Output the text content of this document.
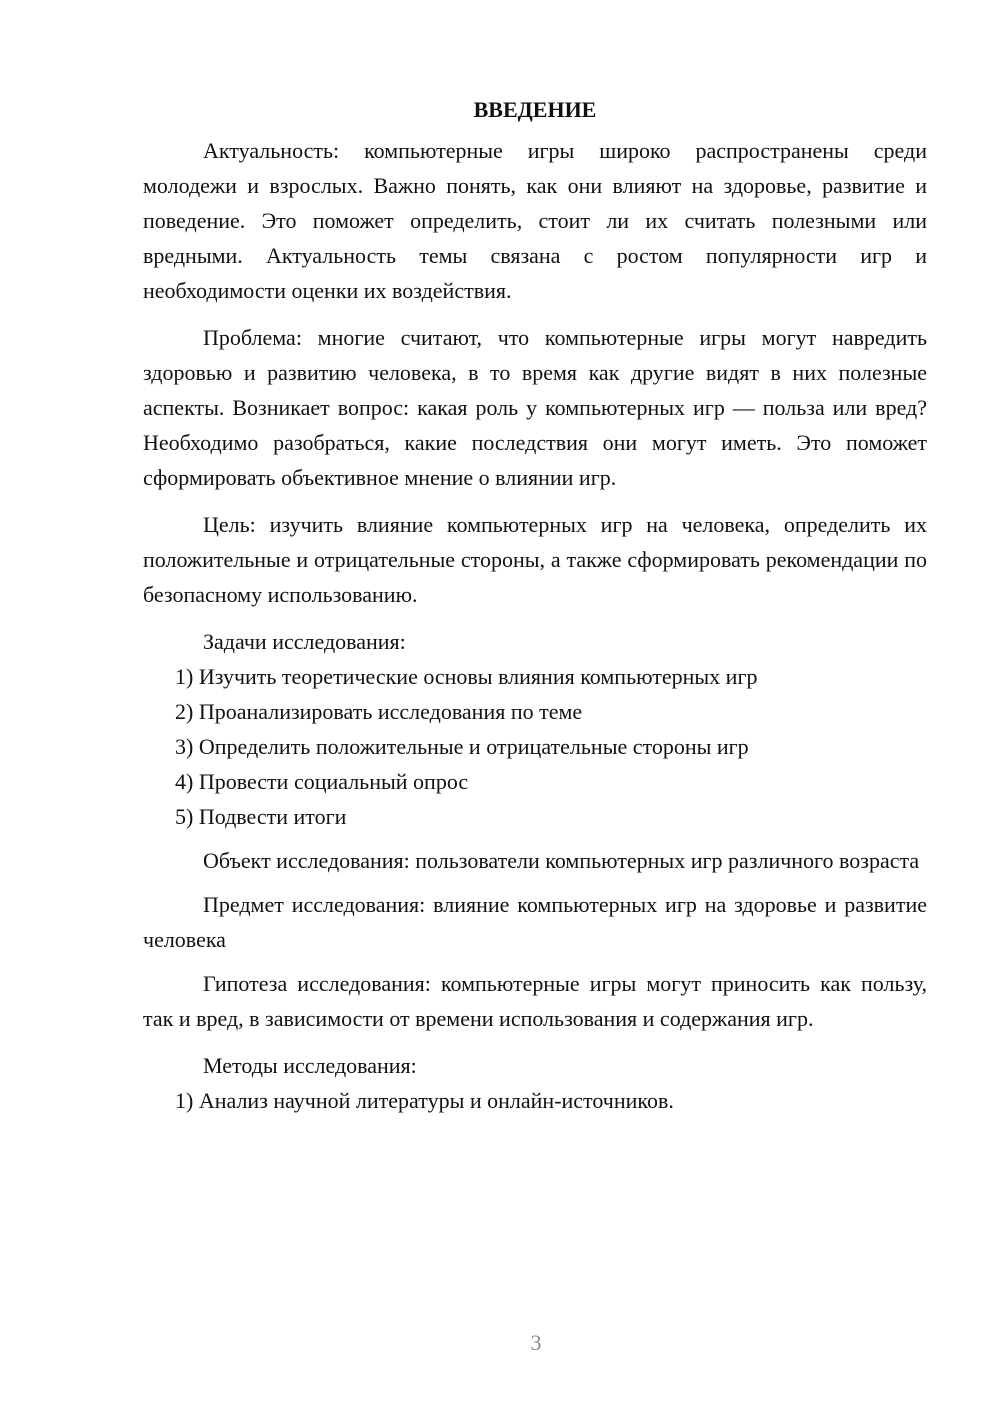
ВВЕДЕНИЕ

Актуальность: компьютерные игры широко распространены среди молодежи и взрослых. Важно понять, как они влияют на здоровье, развитие и поведение. Это поможет определить, стоит ли их считать полезными или вредными. Актуальность темы связана с ростом популярности игр и необходимости оценки их воздействия.

Проблема: многие считают, что компьютерные игры могут навредить здоровью и развитию человека, в то время как другие видят в них полезные аспекты. Возникает вопрос: какая роль у компьютерных игр — польза или вред? Необходимо разобраться, какие последствия они могут иметь. Это поможет сформировать объективное мнение о влиянии игр.

Цель: изучить влияние компьютерных игр на человека, определить их положительные и отрицательные стороны, а также сформировать рекомендации по безопасному использованию.

Задачи исследования:

1) Изучить теоретические основы влияния компьютерных игр

2) Проанализировать исследования по теме

3) Определить положительные и отрицательные стороны игр

4) Провести социальный опрос

5) Подвести итоги

Объект исследования: пользователи компьютерных игр различного возраста

Предмет исследования: влияние компьютерных игр на здоровье и развитие человека

Гипотеза исследования: компьютерные игры могут приносить как пользу, так и вред, в зависимости от времени использования и содержания игр.

Методы исследования:

1) Анализ научной литературы и онлайн-источников.

3
